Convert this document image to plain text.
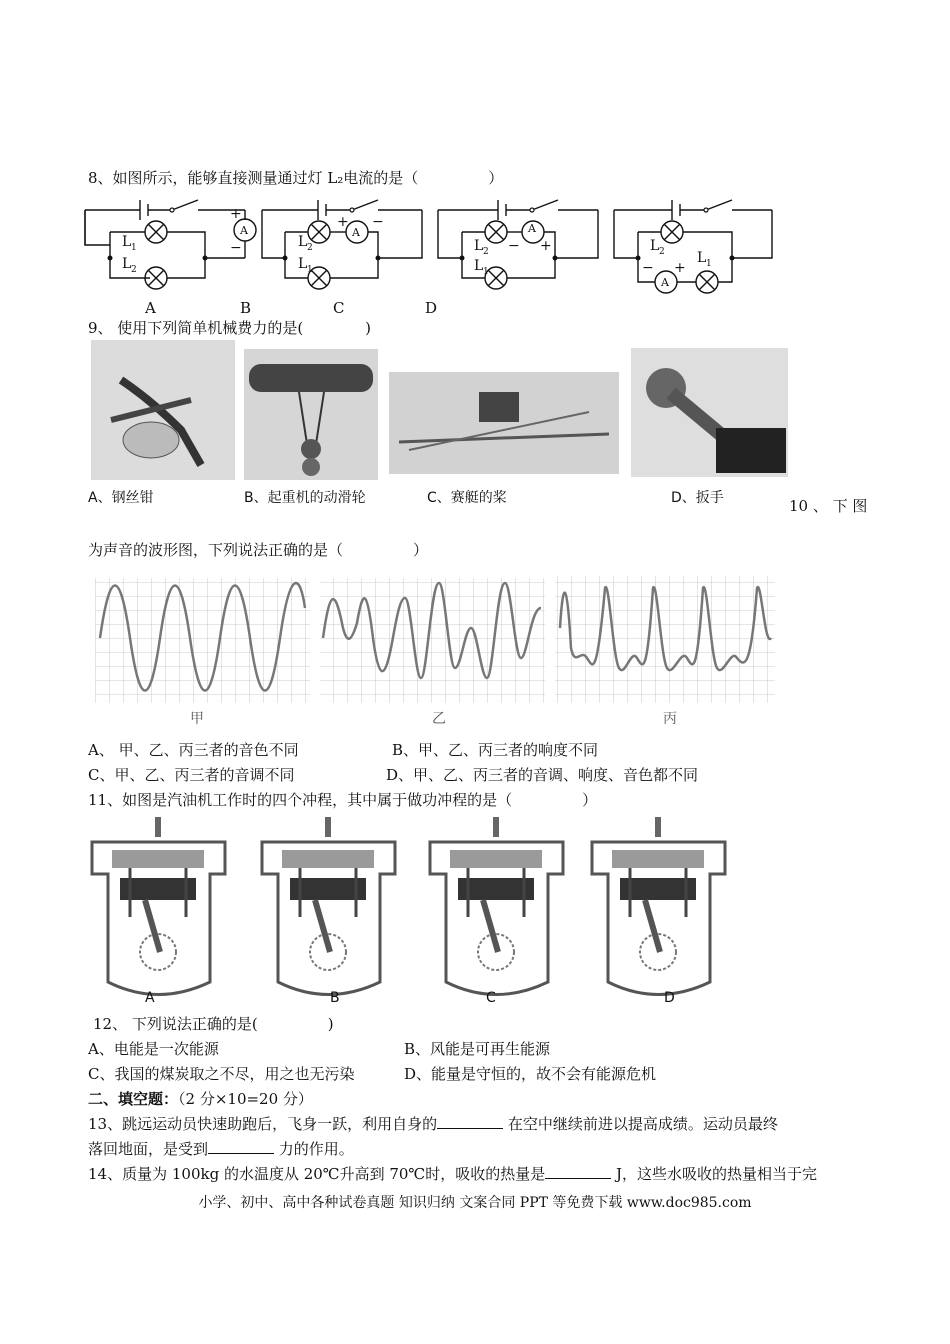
8、如图所示，能够直接测量通过灯 L₂电流的是（	）
A
+
−
L 1
L 2
A
+ −
L 2
L 1
A
− +
L 2
L 1
A
− +
L 2 L 1
A	B	C	D
9、 使用下列简单机械费力的是(	)
A、钢丝钳	B、起重机的动滑轮	C、赛艇的桨	D、扳手	10 、 下 图
为声音的波形图，下列说法正确的是（	）
甲	乙	丙
A、 甲、乙、丙三者的音色不同	B、甲、乙、丙三者的响度不同
C、甲、乙、丙三者的音调不同	D、甲、乙、丙三者的音调、响度、音色都不同
11、如图是汽油机工作时的四个冲程，其中属于做功冲程的是（	）
A	B	C	D
12、 下列说法正确的是(	)
A、电能是一次能源	B、风能是可再生能源
C、我国的煤炭取之不尽，用之也无污染	D、能量是守恒的，故不会有能源危机
二、填空题：（2 分×10=20 分）
13、跳远运动员快速助跑后，飞身一跃，利用自身的	在空中继续前进以提高成绩。运动员最终
落回地面，是受到	力的作用。
14、质量为 100kg 的水温度从 20℃升高到 70℃时，吸收的热量是	J，这些水吸收的热量相当于完
小学、初中、高中各种试卷真题 知识归纳 文案合同 PPT 等免费下载 www.doc985.com
